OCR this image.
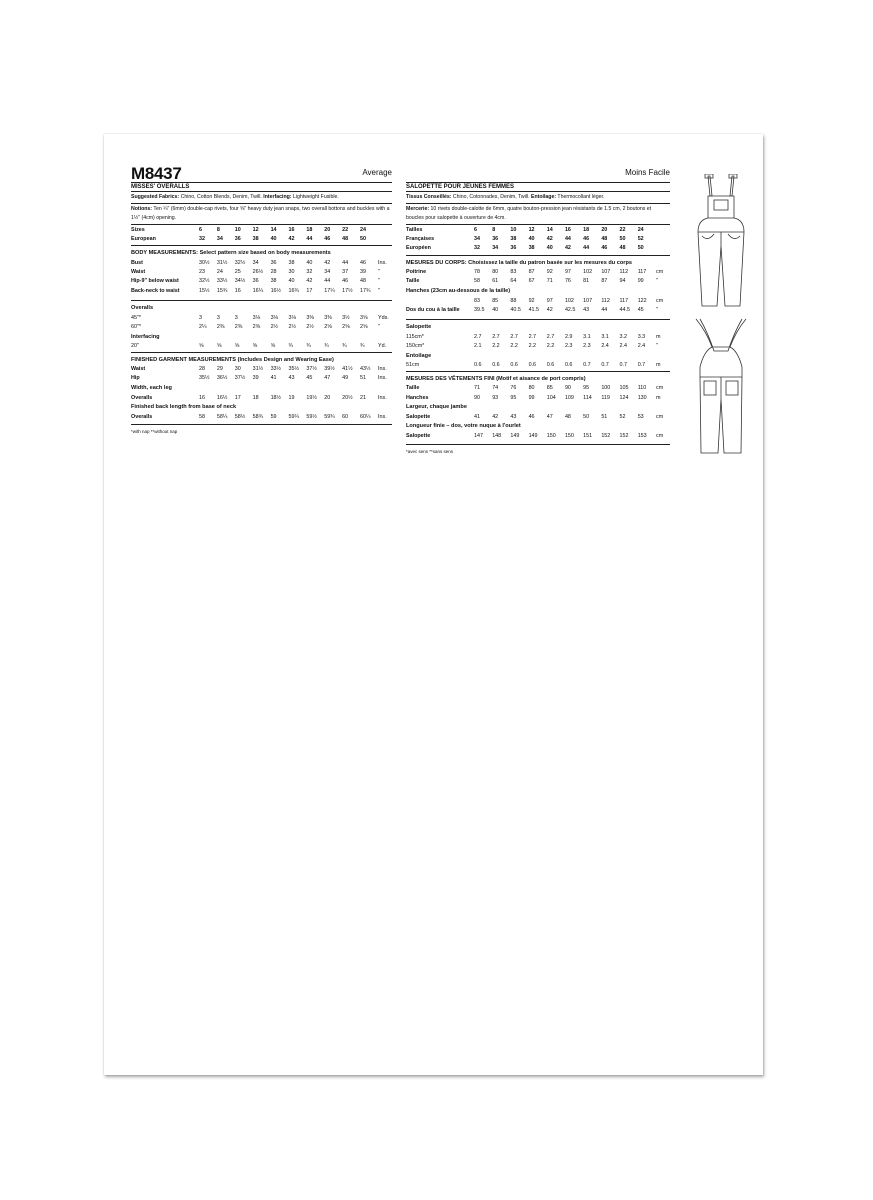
M8437	Average
MISSES' OVERALLS
Suggested Fabrics: Chino, Cotton Blends, Denim, Twill. Interfacing: Lightweight Fusible.
Notions: Ten ¼" (6mm) double-cap rivets, four ⅝" heavy duty jean snaps, two overall bottons and buckles with a 1½" (4cm) opening.
Sizes	6	8	10	12	14	16	18	20	22	24	
European	32	34	36	38	40	42	44	46	48	50	
BODY MEASUREMENTS: Select pattern size based on body measurements
Bust	30½	31½	32½	34	36	38	40	42	44	46	Ins.
Waist	23	24	25	26½	28	30	32	34	37	39	"
Hip-9" below waist	32½	33½	34½	36	38	40	42	44	46	48	"
Back-neck to waist	15½	15¾	16	16¼	16½	16¾	17	17¼	17½	17¾	"
Overalls
45"*	3	3	3	3⅛	3⅛	3⅛	3⅜	3⅜	3½	3⅝	Yds.
60"*	2¼	2⅜	2⅜	2⅜	2½	2½	2½	2⅝	2⅝	2⅝	"
Interfacing
20"	⅝	⅝	⅝	⅝	⅝	¾	¾	¾	¾	¾	Yd.
FINISHED GARMENT MEASUREMENTS (Includes Design and Wearing Ease)
Waist	28	29	30	31½	33½	35½	37½	39½	41½	43½	Ins.
Hip	35½	36½	37½	39	41	43	45	47	49	51	Ins.
Width, each leg
Overalls	16	16½	17	18	18½	19	19½	20	20½	21	Ins.
Finished back length from base of neck
Overalls	58	58¼	58½	58¾	59	59¼	59½	59¾	60	60¼	Ins.
*with nap **without nap
Moins Facile
SALOPETTE POUR JEUNES FEMMES
Tissus Conseillés: Chino, Cotonnades, Denim, Twill. Entoilage: Thermocollant léger.
Mercerie: 10 rivets double-calotte de 6mm, quatre bouton-pression jean résistants de 1.5 cm, 2 boutons et boucles pour salopette à ouverture de 4cm.
Tailles	6	8	10	12	14	16	18	20	22	24	
Françaises	34	36	38	40	42	44	46	48	50	52	
Européen	32	34	36	38	40	42	44	46	48	50	
MESURES DU CORPS: Choisissez la taille du patron basée sur les mesures du corps
Poitrine	78	80	83	87	92	97	102	107	112	117	cm
Taille	58	61	64	67	71	76	81	87	94	99	"
Hanches (23cm au-dessous de la taille)
	83	85	88	92	97	102	107	112	117	122	cm
Dos du cou à la taille	39.5	40	40.5	41.5	42	42.5	43	44	44.5	45	"
Salopette
115cm*	2.7	2.7	2.7	2.7	2.7	2.9	3.1	3.1	3.2	3.3	m
150cm*	2.1	2.2	2.2	2.2	2.2	2.3	2.3	2.4	2.4	2.4	"
Entoilage
51cm	0.6	0.6	0.6	0.6	0.6	0.6	0.7	0.7	0.7	0.7	m
MESURES DES VÊTEMENTS FINI (Motif et aisance de port compris)
Taille	71	74	76	80	85	90	95	100	105	110	cm
Hanches	90	93	95	99	104	109	114	119	124	130	m
Largeur, chaque jambe
Salopette	41	42	43	46	47	48	50	51	52	53	cm
Longueur finie – dos, votre nuque à l'ourlet
Salopette	147	148	149	149	150	150	151	152	152	153	cm
*avec sens **sans sens
